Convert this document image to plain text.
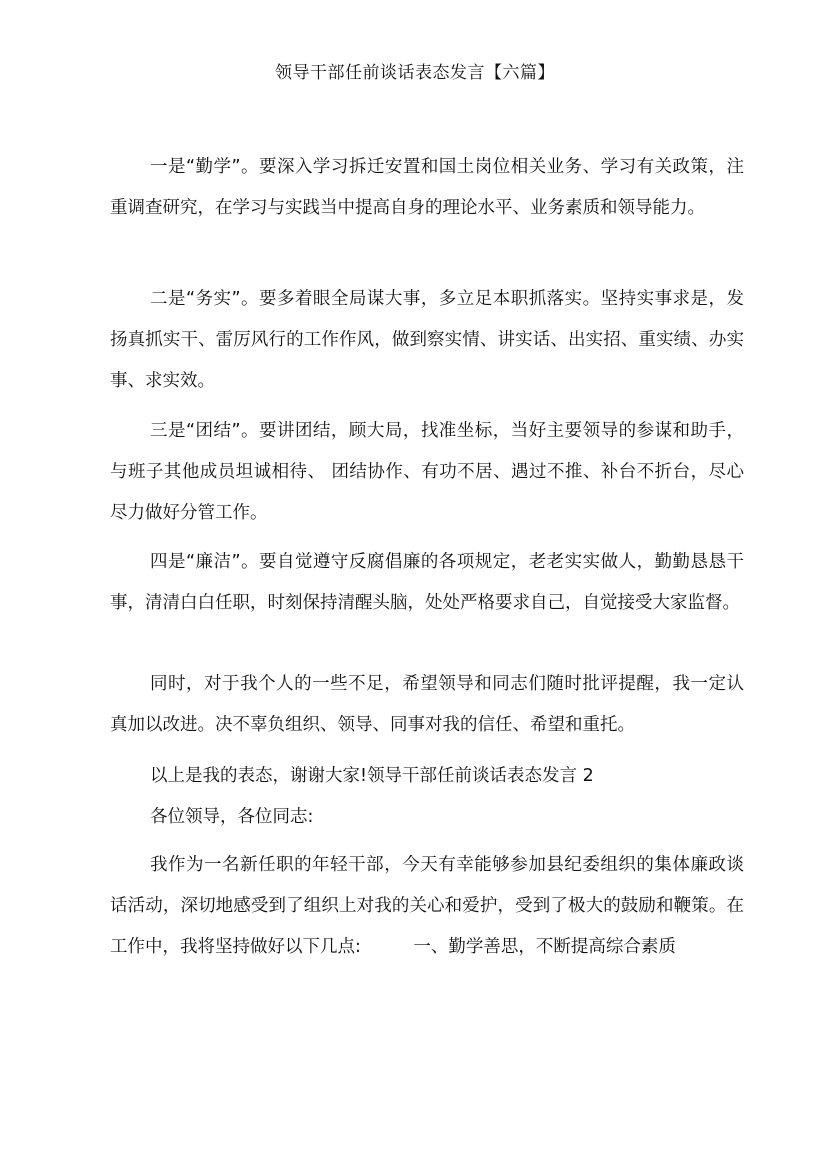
领导干部任前谈话表态发言【六篇】

一是“勤学”。要深入学习拆迁安置和国土岗位相关业务、学习有关政策，注重调查研究，在学习与实践当中提高自身的理论水平、业务素质和领导能力。

二是“务实”。要多着眼全局谋大事，多立足本职抓落实。坚持实事求是，发扬真抓实干、雷厉风行的工作作风，做到察实情、讲实话、出实招、重实绩、办实事、求实效。

三是“团结”。要讲团结，顾大局，找准坐标，当好主要领导的参谋和助手，与班子其他成员坦诚相待、 团结协作、有功不居、遇过不推、补台不折台，尽心尽力做好分管工作。

四是“廉洁”。要自觉遵守反腐倡廉的各项规定，老老实实做人，勤勤恳恳干事，清清白白任职，时刻保持清醒头脑，处处严格要求自己，自觉接受大家监督。

同时，对于我个人的一些不足，希望领导和同志们随时批评提醒，我一定认真加以改进。决不辜负组织、领导、同事对我的信任、希望和重托。

以上是我的表态，谢谢大家!领导干部任前谈话表态发言 2

各位领导，各位同志:

我作为一名新任职的年轻干部，今天有幸能够参加县纪委组织的集体廉政谈话活动，深切地感受到了组织上对我的关心和爱护，受到了极大的鼓励和鞭策。在工作中，我将坚持做好以下几点:　　　一、勤学善思，不断提高综合素质
